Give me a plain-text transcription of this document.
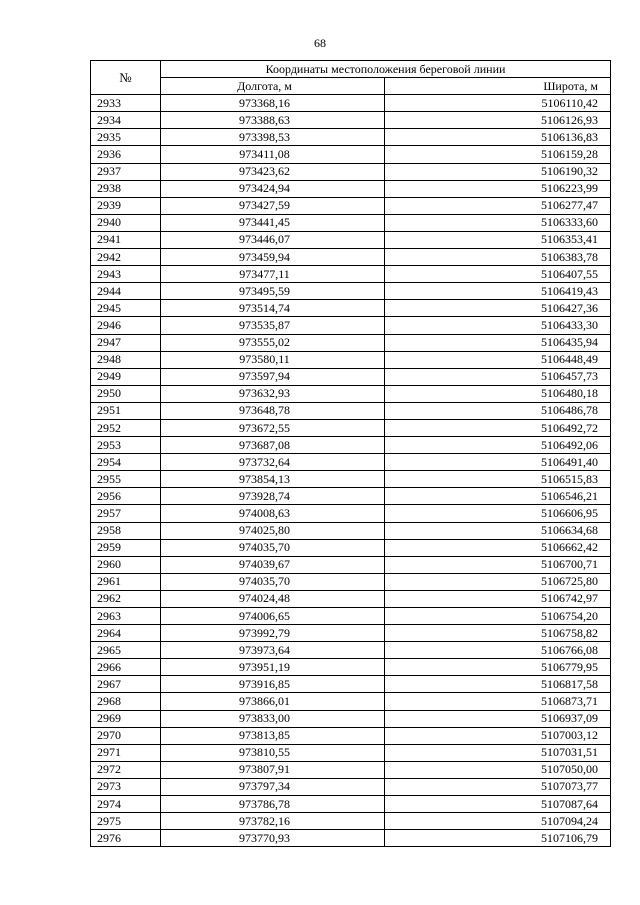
68
№	Координаты местоположения береговой линии	
	Долгота, м	Широта, м
2933	973368,16	5106110,42
2934	973388,63	5106126,93
2935	973398,53	5106136,83
2936	973411,08	5106159,28
2937	973423,62	5106190,32
2938	973424,94	5106223,99
2939	973427,59	5106277,47
2940	973441,45	5106333,60
2941	973446,07	5106353,41
2942	973459,94	5106383,78
2943	973477,11	5106407,55
2944	973495,59	5106419,43
2945	973514,74	5106427,36
2946	973535,87	5106433,30
2947	973555,02	5106435,94
2948	973580,11	5106448,49
2949	973597,94	5106457,73
2950	973632,93	5106480,18
2951	973648,78	5106486,78
2952	973672,55	5106492,72
2953	973687,08	5106492,06
2954	973732,64	5106491,40
2955	973854,13	5106515,83
2956	973928,74	5106546,21
2957	974008,63	5106606,95
2958	974025,80	5106634,68
2959	974035,70	5106662,42
2960	974039,67	5106700,71
2961	974035,70	5106725,80
2962	974024,48	5106742,97
2963	974006,65	5106754,20
2964	973992,79	5106758,82
2965	973973,64	5106766,08
2966	973951,19	5106779,95
2967	973916,85	5106817,58
2968	973866,01	5106873,71
2969	973833,00	5106937,09
2970	973813,85	5107003,12
2971	973810,55	5107031,51
2972	973807,91	5107050,00
2973	973797,34	5107073,77
2974	973786,78	5107087,64
2975	973782,16	5107094,24
2976	973770,93	5107106,79
